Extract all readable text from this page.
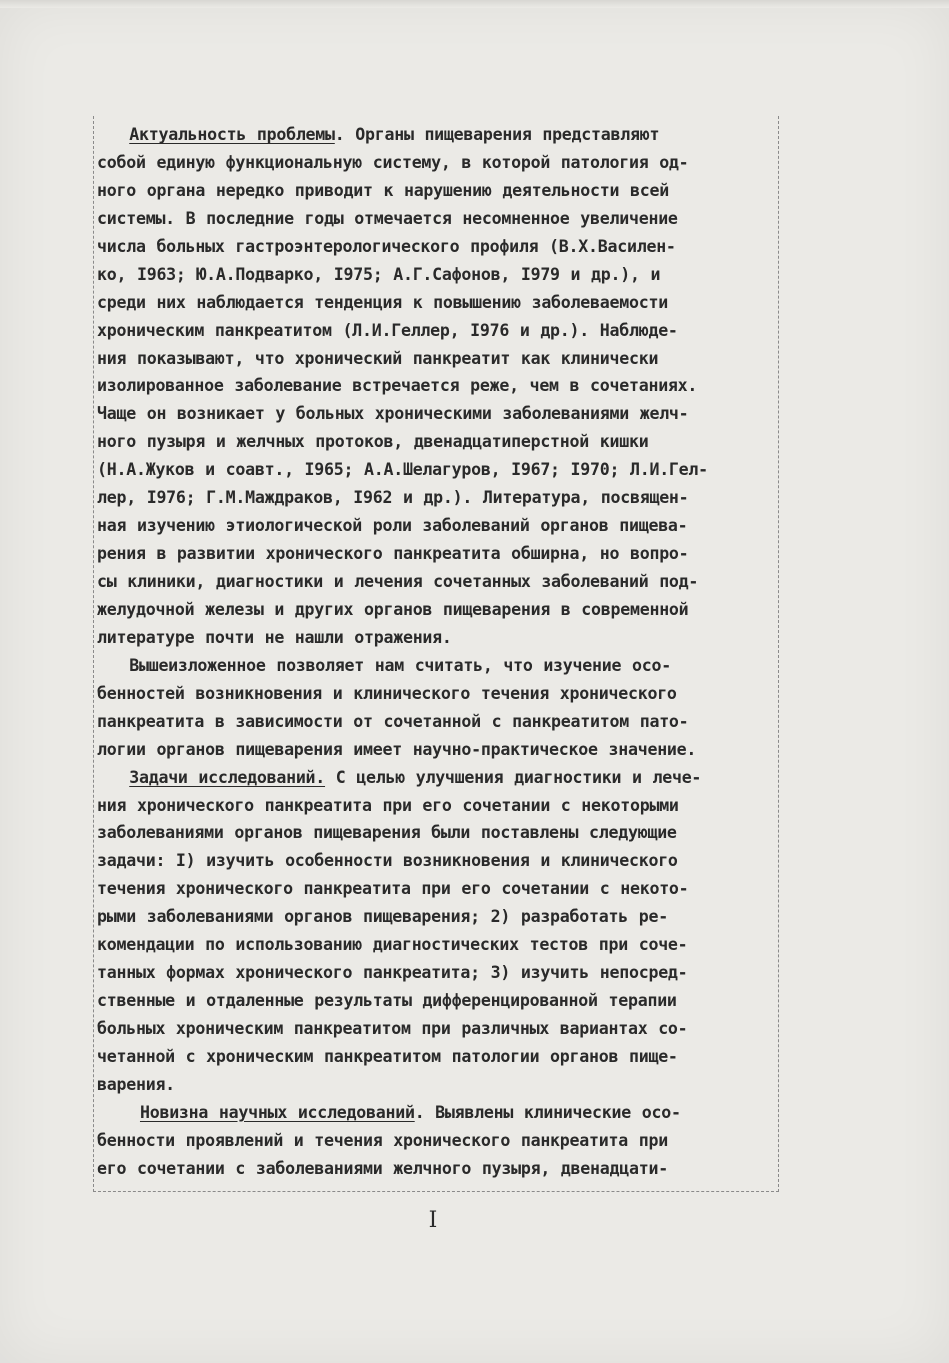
Актуальность проблемы. Органы пищеварения представляют
собой единую функциональную систему, в которой патология од-
ного органа нередко приводит к нарушению деятельности всей
системы. В последние годы отмечается несомненное увеличение
числа больных гастроэнтерологического профиля (В.Х.Василен-
ко, I963; Ю.А.Подварко, I975; А.Г.Сафонов, I979 и др.), и
среди них наблюдается тенденция к повышению заболеваемости
хроническим панкреатитом (Л.И.Геллер, I976 и др.). Наблюде-
ния показывают, что хронический панкреатит как клинически
изолированное заболевание встречается реже, чем в сочетаниях.
Чаще он возникает у больных хроническими заболеваниями желч-
ного пузыря и желчных протоков, двенадцатиперстной кишки
(Н.А.Жуков и соавт., I965; А.А.Шелагуров, I967; I970; Л.И.Гел-
лер, I976; Г.М.Маждраков, I962 и др.). Литература, посвящен-
ная изучению этиологической роли заболеваний органов пищева-
рения в развитии хронического панкреатита обширна, но вопро-
сы клиники, диагностики и лечения сочетанных заболеваний под-
желудочной железы и других органов пищеварения в современной
литературе почти не нашли отражения.
Вышеизложенное позволяет нам считать, что изучение осо-
бенностей возникновения и клинического течения хронического
панкреатита в зависимости от сочетанной с панкреатитом пато-
логии органов пищеварения имеет научно-практическое значение.
Задачи исследований. С целью улучшения диагностики и лече-
ния хронического панкреатита при его сочетании с некоторыми
заболеваниями органов пищеварения были поставлены следующие
задачи: I) изучить особенности возникновения и клинического
течения хронического панкреатита при его сочетании с некото-
рыми заболеваниями органов пищеварения; 2) разработать ре-
комендации по использованию диагностических тестов при соче-
танных формах хронического панкреатита; 3) изучить непосред-
ственные и отдаленные результаты дифференцированной терапии
больных хроническим панкреатитом при различных вариантах со-
четанной с хроническим панкреатитом патологии органов пище-
варения.
Новизна научных исследований. Выявлены клинические осо-
бенности проявлений и течения хронического панкреатита при
его сочетании с заболеваниями желчного пузыря, двенадцати-
I
